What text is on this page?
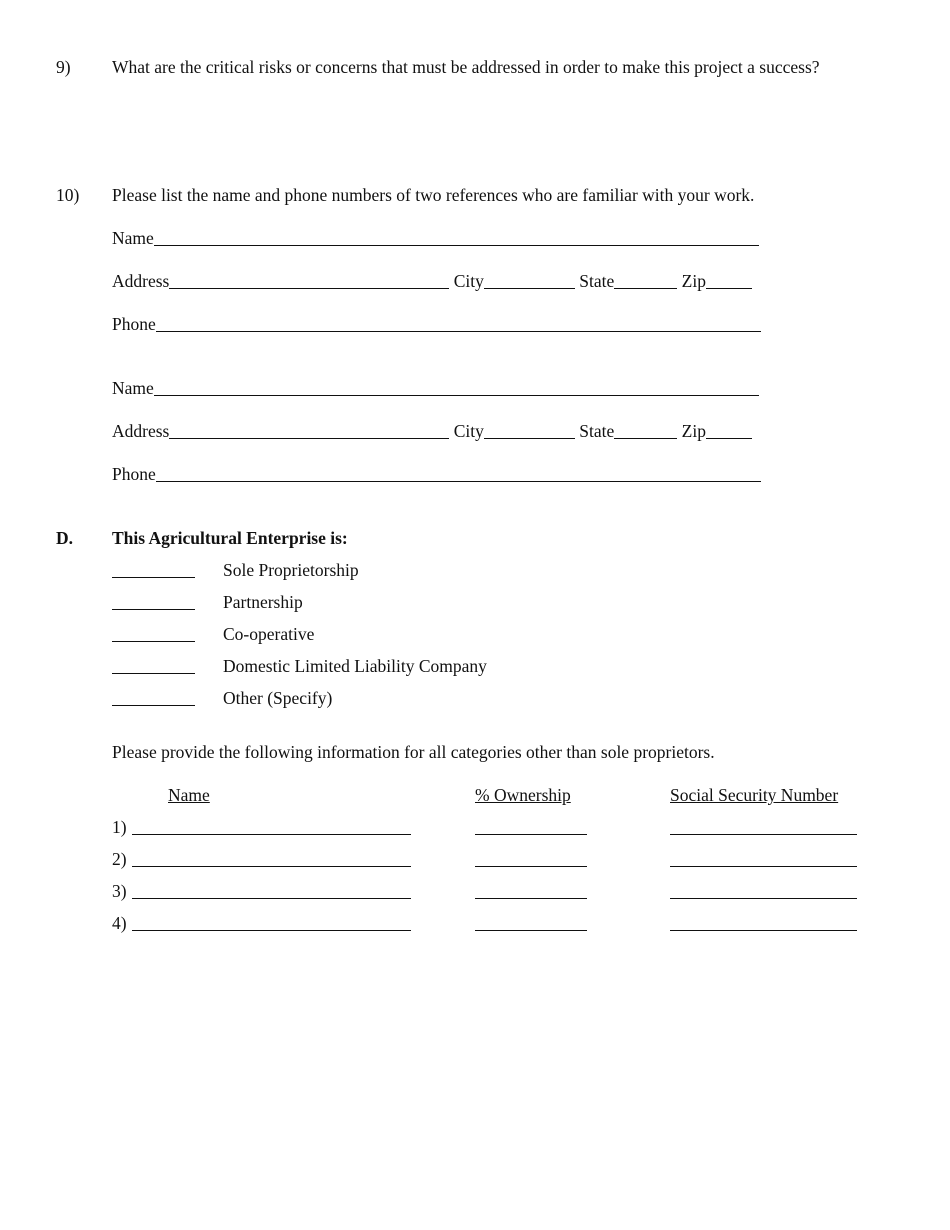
9) What are the critical risks or concerns that must be addressed in order to make this project a success?
10) Please list the name and phone numbers of two references who are familiar with your work.
Name
Address	City	State	Zip
Phone
Name
Address	City	State	Zip
Phone
D. This Agricultural Enterprise is:
Sole Proprietorship
Partnership
Co-operative
Domestic Limited Liability Company
Other (Specify)
Please provide the following information for all categories other than sole proprietors.
Name	% Ownership	Social Security Number
1)
2)
3)
4)
